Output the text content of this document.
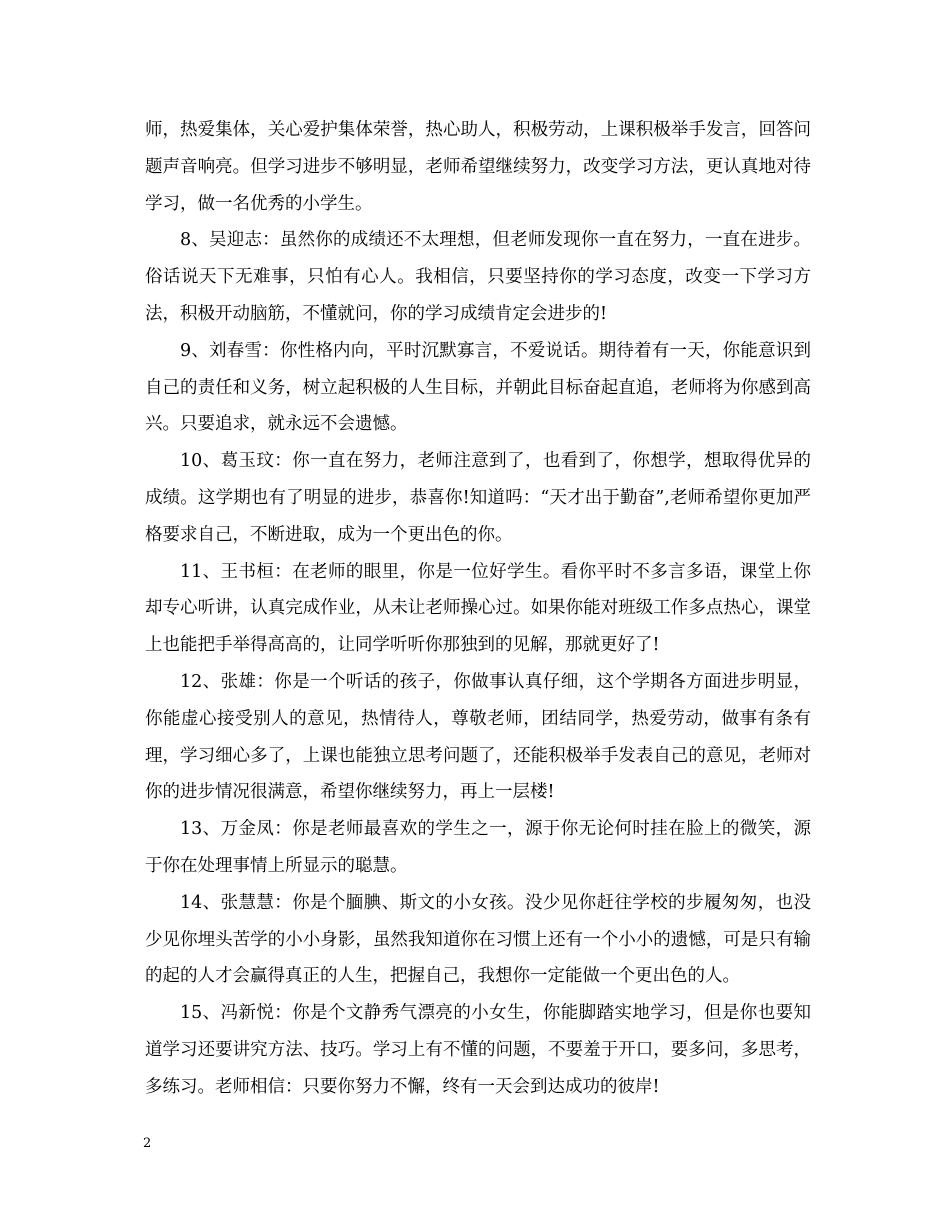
师，热爱集体，关心爱护集体荣誉，热心助人，积极劳动，上课积极举手发言，回答问题声音响亮。但学习进步不够明显，老师希望继续努力，改变学习方法，更认真地对待学习，做一名优秀的小学生。

8、吴迎志：虽然你的成绩还不太理想，但老师发现你一直在努力，一直在进步。俗话说天下无难事，只怕有心人。我相信，只要坚持你的学习态度，改变一下学习方法，积极开动脑筋，不懂就问，你的学习成绩肯定会进步的!

9、刘春雪：你性格内向，平时沉默寡言，不爱说话。期待着有一天，你能意识到自己的责任和义务，树立起积极的人生目标，并朝此目标奋起直追，老师将为你感到高兴。只要追求，就永远不会遗憾。

10、葛玉玟：你一直在努力，老师注意到了，也看到了，你想学，想取得优异的成绩。这学期也有了明显的进步，恭喜你!知道吗：“天才出于勤奋”,老师希望你更加严格要求自己，不断进取，成为一个更出色的你。

11、王书桓：在老师的眼里，你是一位好学生。看你平时不多言多语，课堂上你却专心听讲，认真完成作业，从未让老师操心过。如果你能对班级工作多点热心，课堂上也能把手举得高高的，让同学听听你那独到的见解，那就更好了!

12、张雄：你是一个听话的孩子，你做事认真仔细，这个学期各方面进步明显，你能虚心接受别人的意见，热情待人，尊敬老师，团结同学，热爱劳动，做事有条有理，学习细心多了，上课也能独立思考问题了，还能积极举手发表自己的意见，老师对你的进步情况很满意，希望你继续努力，再上一层楼!

13、万金凤：你是老师最喜欢的学生之一，源于你无论何时挂在脸上的微笑，源于你在处理事情上所显示的聪慧。

14、张慧慧：你是个腼腆、斯文的小女孩。没少见你赶往学校的步履匆匆，也没少见你埋头苦学的小小身影，虽然我知道你在习惯上还有一个小小的遗憾，可是只有输的起的人才会赢得真正的人生，把握自己，我想你一定能做一个更出色的人。

15、冯新悦：你是个文静秀气漂亮的小女生，你能脚踏实地学习，但是你也要知道学习还要讲究方法、技巧。学习上有不懂的问题，不要羞于开口，要多问，多思考，多练习。老师相信：只要你努力不懈，终有一天会到达成功的彼岸!

2
